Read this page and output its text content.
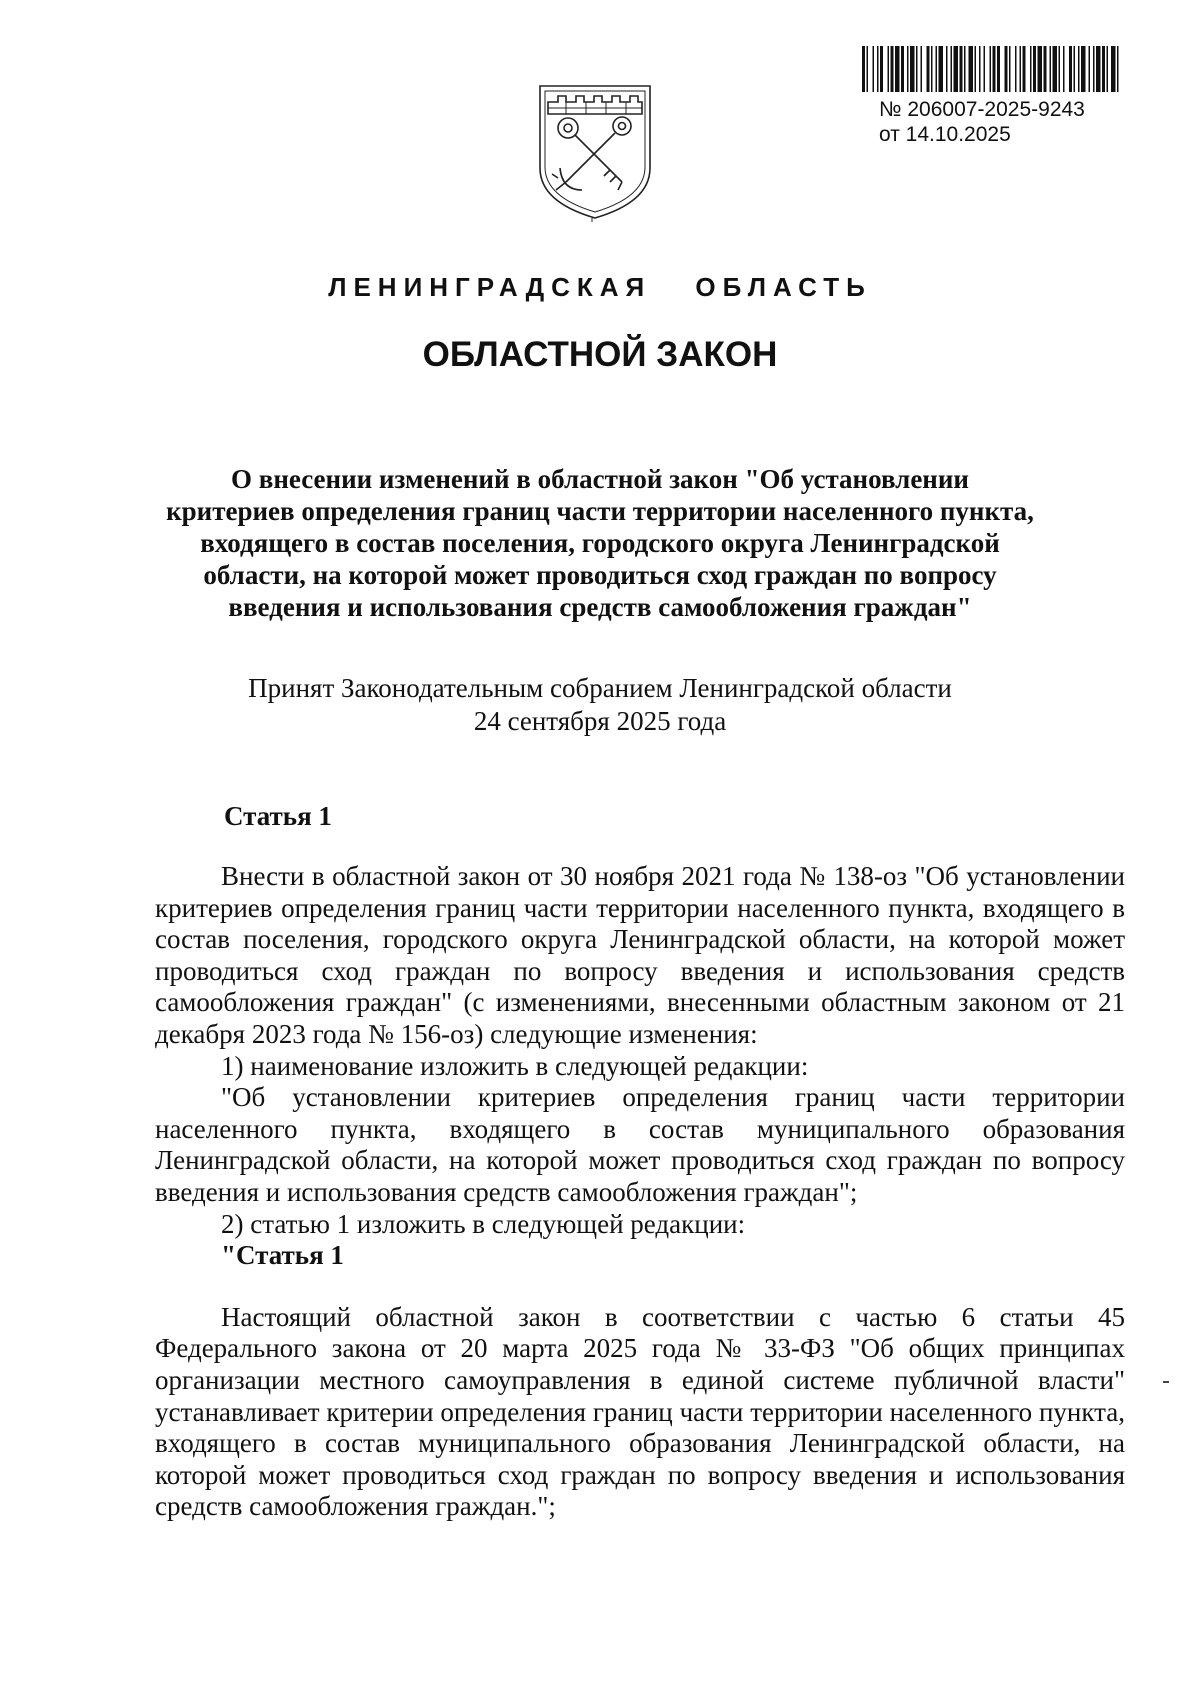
№ 206007-2025-9243
от 14.10.2025
ЛЕНИНГРАДСКАЯ ОБЛАСТЬ
ОБЛАСТНОЙ ЗАКОН
О внесении изменений в областной закон "Об установлении
критериев определения границ части территории населенного пункта,
входящего в состав поселения, городского округа Ленинградской
области, на которой может проводиться сход граждан по вопросу
введения и использования средств самообложения граждан"
Принят Законодательным собранием Ленинградской области
24 сентября 2025 года
Статья 1

Внести в областной закон от 30 ноября 2021 года № 138-оз "Об установлении критериев определения границ части территории населенного пункта, входящего в состав поселения, городского округа Ленинградской области, на которой может проводиться сход граждан по вопросу введения и использования средств самообложения граждан" (с изменениями, внесенными областным законом от 21 декабря 2023 года № 156-оз) следующие изменения:

1) наименование изложить в следующей редакции:

"Об установлении критериев определения границ части территории населенного пункта, входящего в состав муниципального образования Ленинградской области, на которой может проводиться сход граждан по вопросу введения и использования средств самообложения граждан";

2) статью 1 изложить в следующей редакции:

"Статья 1

Настоящий областной закон в соответствии с частью 6 статьи 45 Федерального закона от 20 марта 2025 года № 33-ФЗ "Об общих принципах организации местного самоуправления в единой системе публичной власти" устанавливает критерии определения границ части территории населенного пункта, входящего в состав муниципального образования Ленинградской области, на которой может проводиться сход граждан по вопросу введения и использования средств самообложения граждан.";
